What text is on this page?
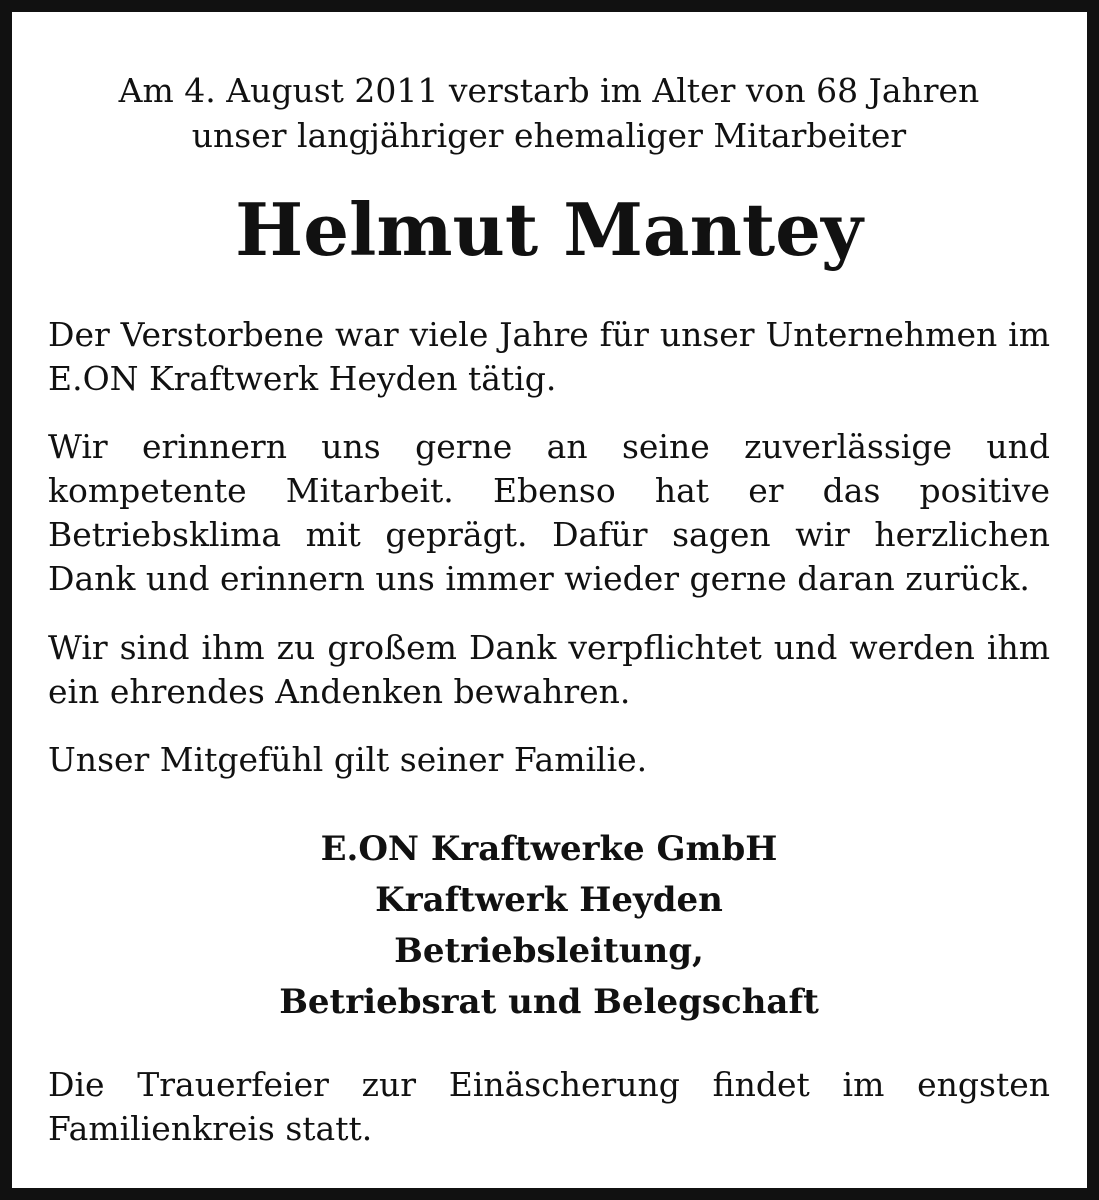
Am 4. August 2011 verstarb im Alter von 68 Jahren
unser langjähriger ehemaliger Mitarbeiter

Helmut Mantey

Der Verstorbene war viele Jahre für unser Unternehmen im E.ON Kraftwerk Heyden tätig.

Wir erinnern uns gerne an seine zuverlässige und kompetente Mitarbeit. Ebenso hat er das positive Betriebsklima mit geprägt. Dafür sagen wir herzlichen Dank und erinnern uns immer wieder gerne daran zurück.

Wir sind ihm zu großem Dank verpflichtet und werden ihm ein ehrendes Andenken bewahren.

Unser Mitgefühl gilt seiner Familie.

E.ON Kraftwerke GmbH
Kraftwerk Heyden
Betriebsleitung,
Betriebsrat und Belegschaft

Die Trauerfeier zur Einäscherung findet im engsten Familienkreis statt.
